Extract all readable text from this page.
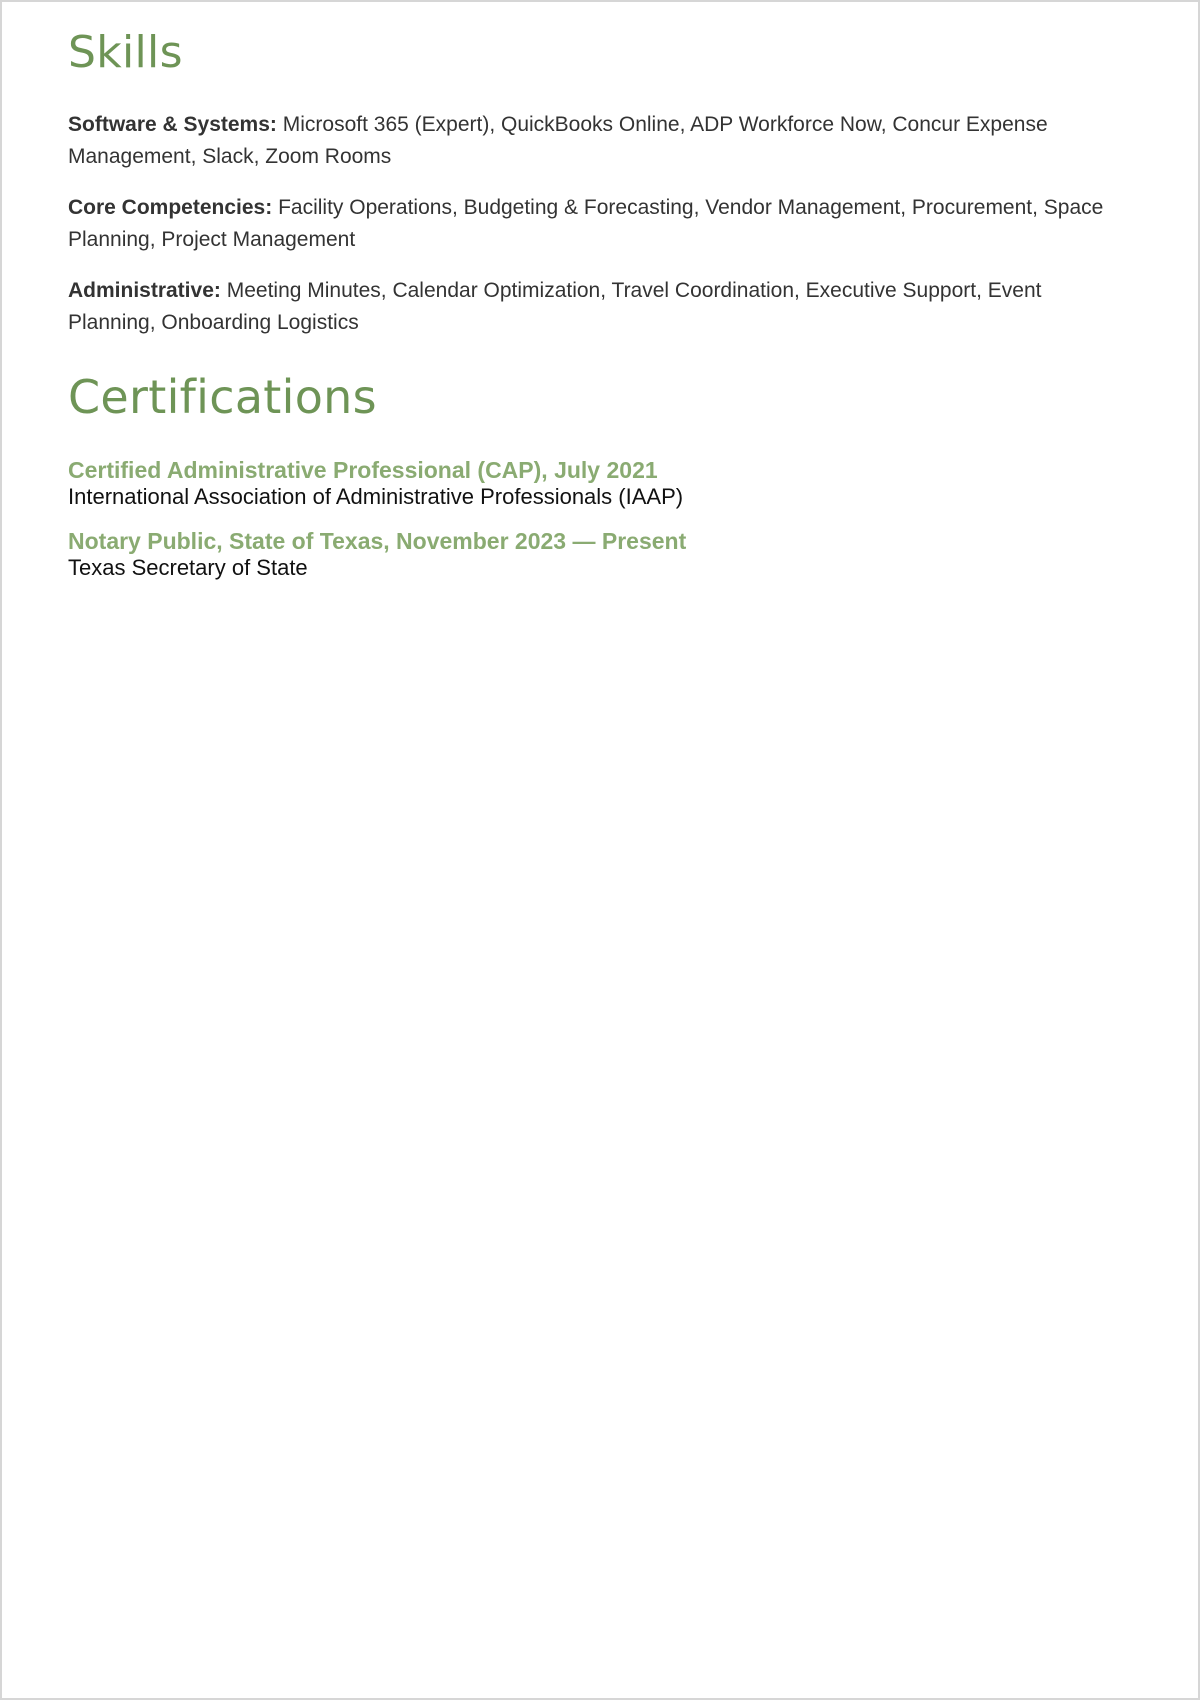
Skills

Software & Systems: Microsoft 365 (Expert), QuickBooks Online, ADP Workforce Now, Concur Expense Management, Slack, Zoom Rooms

Core Competencies: Facility Operations, Budgeting & Forecasting, Vendor Management, Procurement, Space Planning, Project Management

Administrative: Meeting Minutes, Calendar Optimization, Travel Coordination, Executive Support, Event Planning, Onboarding Logistics

Certifications

Certified Administrative Professional (CAP), July 2021

International Association of Administrative Professionals (IAAP)

Notary Public, State of Texas, November 2023 — Present

Texas Secretary of State
